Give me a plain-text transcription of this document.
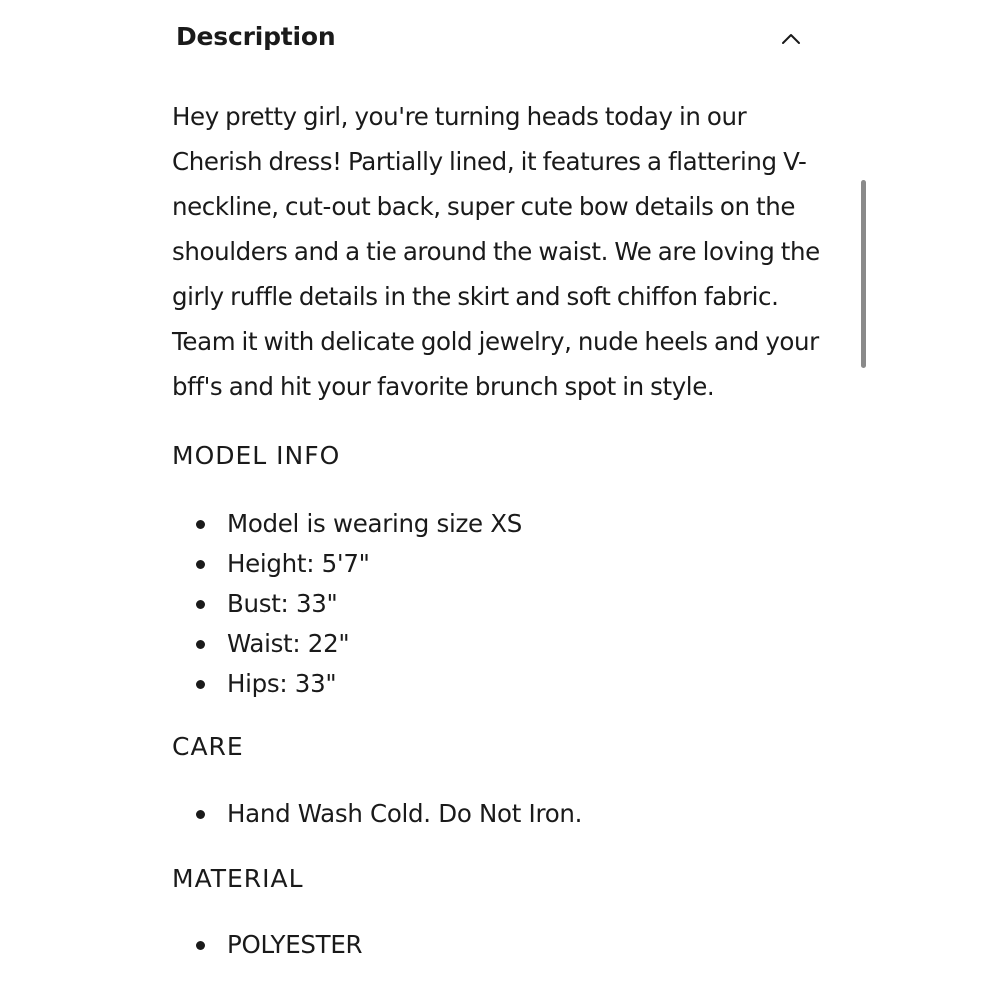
Description

Hey pretty girl, you're turning heads today in our Cherish dress! Partially lined, it features a flattering V-neckline, cut-out back, super cute bow details on the shoulders and a tie around the waist. We are loving the girly ruffle details in the skirt and soft chiffon fabric. Team it with delicate gold jewelry, nude heels and your bff's and hit your favorite brunch spot in style.

MODEL INFO
Model is wearing size XS
Height: 5'7"
Bust: 33"
Waist: 22"
Hips: 33"
CARE
Hand Wash Cold. Do Not Iron.
MATERIAL
POLYESTER
